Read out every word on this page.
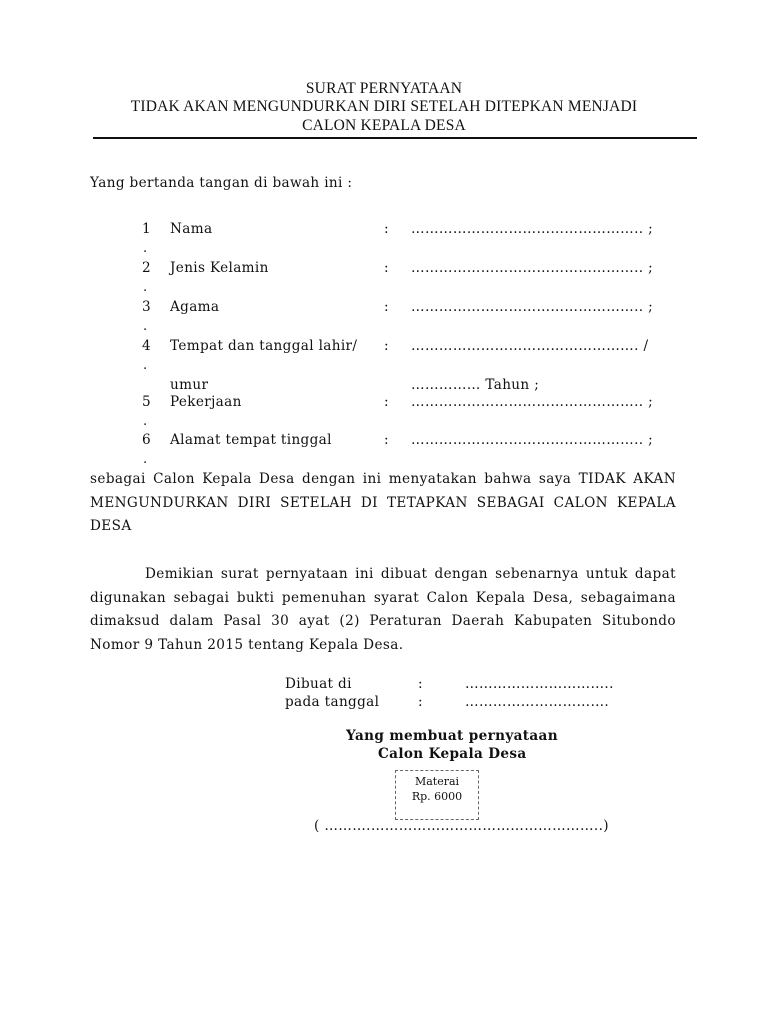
SURAT PERNYATAAN
TIDAK AKAN MENGUNDURKAN DIRI SETELAH DITEPKAN MENJADI
CALON KEPALA DESA
Yang bertanda tangan di bawah ini :
1
.
Nama	: ………………………………………….. ;
2
.
Jenis Kelamin	: ………………………………………….. ;
3
.
Agama	: ………………………………………….. ;
4
.
Tempat dan tanggal lahir/ : …………………………………………. /
umur	…………… Tahun ;
5
.
Pekerjaan	: ………………………………………….. ;
6
.
Alamat tempat tinggal	: ………………………………………….. ;
sebagai Calon Kepala Desa dengan ini menyatakan bahwa saya TIDAK AKAN
MENGUNDURKAN DIRI SETELAH DI TETAPKAN SEBAGAI CALON KEPALA
DESA
Demikian surat pernyataan ini dibuat dengan sebenarnya untuk dapat
digunakan sebagai bukti pemenuhan syarat Calon Kepala Desa, sebagaimana
dimaksud dalam Pasal 30 ayat (2) Peraturan Daerah Kabupaten Situbondo
Nomor 9 Tahun 2015 tentang Kepala Desa.
Dibuat di	:	…………………………..
pada tanggal	:	………………………….
Yang membuat pernyataan
Calon Kepala Desa
Materai
Rp. 6000
( ……….…………………………………………..)
